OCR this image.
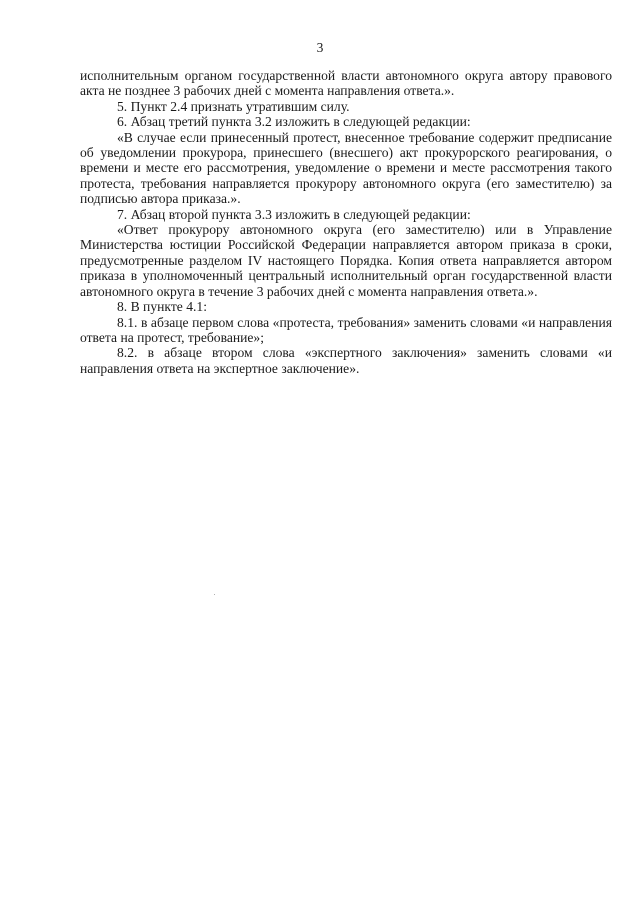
3

исполнительным органом государственной власти автономного округа автору правового акта не позднее 3 рабочих дней с момента направления ответа.».

5. Пункт 2.4 признать утратившим силу.

6. Абзац третий пункта 3.2 изложить в следующей редакции:

«В случае если принесенный протест, внесенное требование содержит предписание об уведомлении прокурора, принесшего (внесшего) акт прокурорского реагирования, о времени и месте его рассмотрения, уведомление о времени и месте рассмотрения такого протеста, требования направляется прокурору автономного округа (его заместителю) за подписью автора приказа.».

7. Абзац второй пункта 3.3 изложить в следующей редакции:

«Ответ прокурору автономного округа (его заместителю) или в Управление Министерства юстиции Российской Федерации направляется автором приказа в сроки, предусмотренные разделом IV настоящего Порядка. Копия ответа направляется автором приказа в уполномоченный центральный исполнительный орган государственной власти автономного округа в течение 3 рабочих дней с момента направления ответа.».

8. В пункте 4.1:

8.1. в абзаце первом слова «протеста, требования» заменить словами «и направления ответа на протест, требование»;

8.2. в абзаце втором слова «экспертного заключения» заменить словами «и направления ответа на экспертное заключение».
